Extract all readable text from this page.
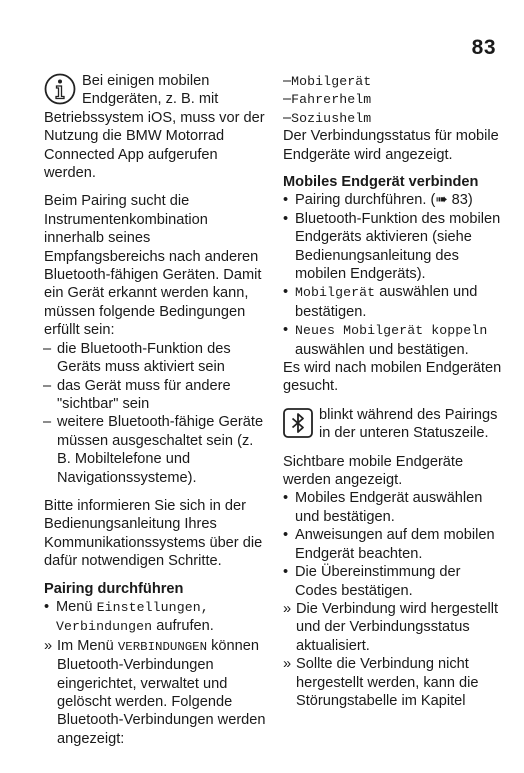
83

Bei einigen mobilen Endgeräten, z. B. mit Betriebssystem iOS, muss vor der Nutzung die BMW Motorrad Connected App aufgerufen werden.

Beim Pairing sucht die Instrumentenkombination innerhalb seines Empfangsbereichs nach anderen Bluetooth-fähigen Geräten. Damit ein Gerät erkannt werden kann, müssen folgende Bedingungen erfüllt sein:

– die Bluetooth-Funktion des Geräts muss aktiviert sein
– das Gerät muss für andere "sichtbar" sein
– weitere Bluetooth-fähige Geräte müssen ausgeschaltet sein (z. B. Mobiltelefone und Navigationssysteme).

Bitte informieren Sie sich in der Bedienungsanleitung Ihres Kommunikationssystems über die dafür notwendigen Schritte.

Pairing durchführen
• Menü Einstellungen, Verbindungen aufrufen.
» Im Menü VERBINDUNGEN können Bluetooth-Verbindungen eingerichtet, verwaltet und gelöscht werden. Folgende Bluetooth-Verbindungen werden angezeigt:
–Mobilgerät
–Fahrerhelm
–Soziushelm

Der Verbindungsstatus für mobile Endgeräte wird angezeigt.

Mobiles Endgerät verbinden
• Pairing durchführen. (➠ 83)
• Bluetooth-Funktion des mobilen Endgeräts aktivieren (siehe Bedienungsanleitung des mobilen Endgeräts).
• Mobilgerät auswählen und bestätigen.
• Neues Mobilgerät koppeln auswählen und bestätigen.

Es wird nach mobilen Endgeräten gesucht.

blinkt während des Pairings in der unteren Statuszeile.

Sichtbare mobile Endgeräte werden angezeigt.

• Mobiles Endgerät auswählen und bestätigen.
• Anweisungen auf dem mobilen Endgerät beachten.
• Die Übereinstimmung der Codes bestätigen.
» Die Verbindung wird hergestellt und der Verbindungsstatus aktualisiert.
» Sollte die Verbindung nicht hergestellt werden, kann die Störungstabelle im Kapitel
